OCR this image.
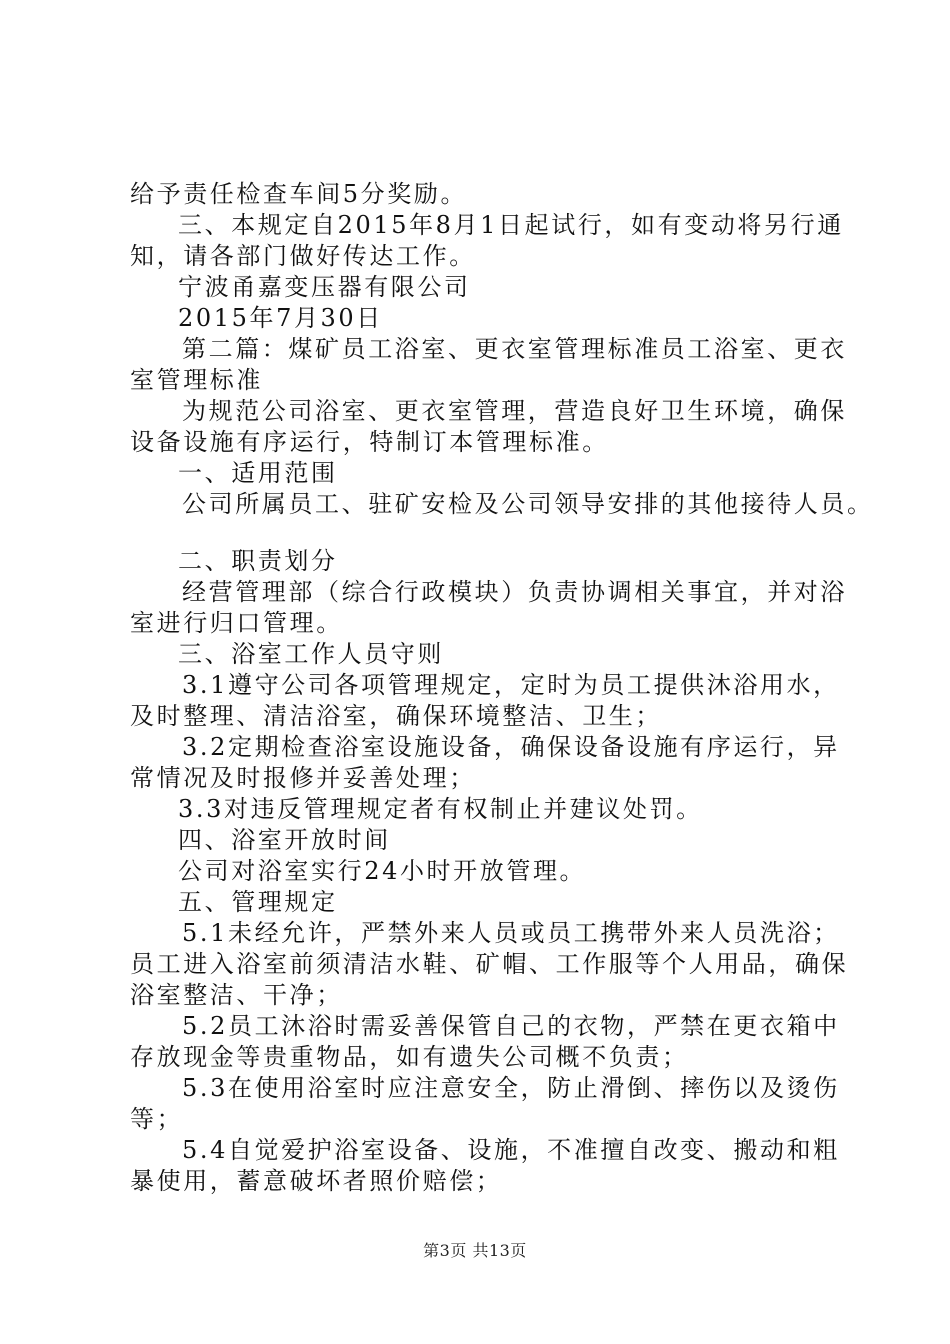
给予责任检查车间5分奖励。
三、本规定自2015年8月1日起试行，如有变动将另行通
知，请各部门做好传达工作。
宁波甬嘉变压器有限公司
2015年7月30日
第二篇：煤矿员工浴室、更衣室管理标准员工浴室、更衣
室管理标准
为规范公司浴室、更衣室管理，营造良好卫生环境，确保
设备设施有序运行，特制订本管理标准。
一、适用范围
公司所属员工、驻矿安检及公司领导安排的其他接待人员。
二、职责划分
经营管理部（综合行政模块）负责协调相关事宜，并对浴
室进行归口管理。
三、浴室工作人员守则
3.1遵守公司各项管理规定，定时为员工提供沐浴用水，
及时整理、清洁浴室，确保环境整洁、卫生；
3.2定期检查浴室设施设备，确保设备设施有序运行，异
常情况及时报修并妥善处理；
3.3对违反管理规定者有权制止并建议处罚。
四、浴室开放时间
公司对浴室实行24小时开放管理。
五、管理规定
5.1未经允许，严禁外来人员或员工携带外来人员洗浴；
员工进入浴室前须清洁水鞋、矿帽、工作服等个人用品，确保
浴室整洁、干净；
5.2员工沐浴时需妥善保管自己的衣物，严禁在更衣箱中
存放现金等贵重物品，如有遗失公司概不负责；
5.3在使用浴室时应注意安全，防止滑倒、摔伤以及烫伤
等；
5.4自觉爱护浴室设备、设施，不准擅自改变、搬动和粗
暴使用，蓄意破坏者照价赔偿；
第3页 共13页
